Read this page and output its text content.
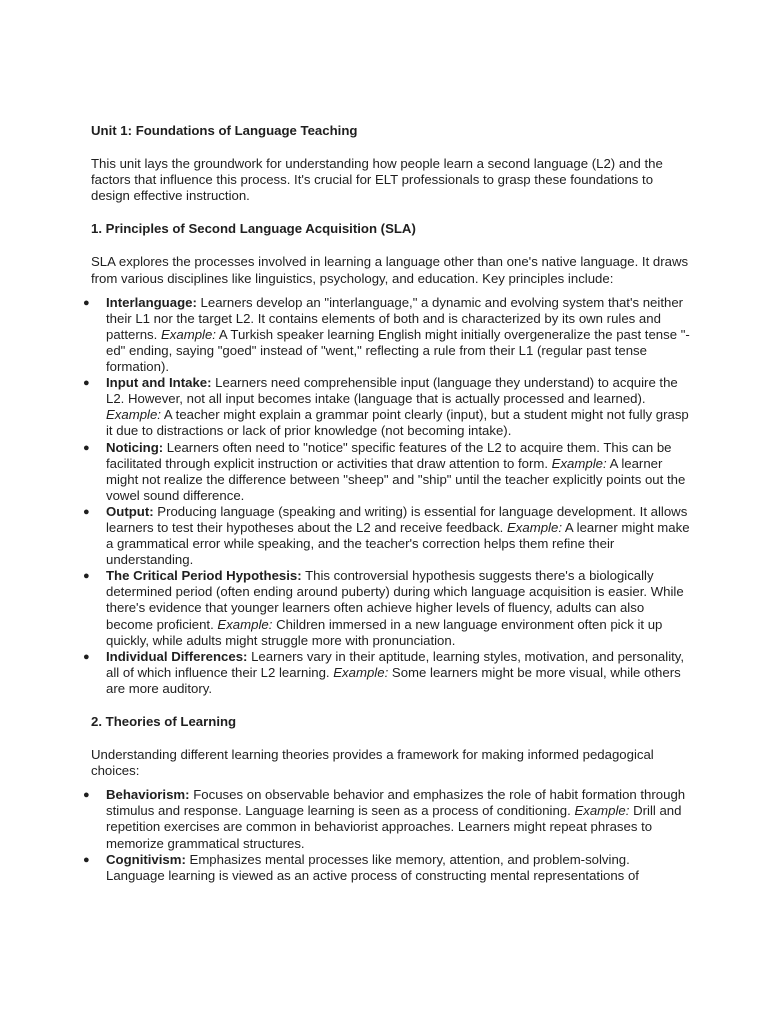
Unit 1: Foundations of Language Teaching

This unit lays the groundwork for understanding how people learn a second language (L2) and the factors that influence this process. It's crucial for ELT professionals to grasp these foundations to design effective instruction.

1. Principles of Second Language Acquisition (SLA)

SLA explores the processes involved in learning a language other than one's native language. It draws from various disciplines like linguistics, psychology, and education. Key principles include:

●	Interlanguage: Learners develop an "interlanguage," a dynamic and evolving system that's neither their L1 nor the target L2. It contains elements of both and is characterized by its own rules and patterns. Example: A Turkish speaker learning English might initially overgeneralize the past tense "-ed" ending, saying "goed" instead of "went," reflecting a rule from their L1 (regular past tense formation).
●	Input and Intake: Learners need comprehensible input (language they understand) to acquire the L2. However, not all input becomes intake (language that is actually processed and learned). Example: A teacher might explain a grammar point clearly (input), but a student might not fully grasp it due to distractions or lack of prior knowledge (not becoming intake).
●	Noticing: Learners often need to "notice" specific features of the L2 to acquire them. This can be facilitated through explicit instruction or activities that draw attention to form. Example: A learner might not realize the difference between "sheep" and "ship" until the teacher explicitly points out the vowel sound difference.
●	Output: Producing language (speaking and writing) is essential for language development. It allows learners to test their hypotheses about the L2 and receive feedback. Example: A learner might make a grammatical error while speaking, and the teacher's correction helps them refine their understanding.
●	The Critical Period Hypothesis: This controversial hypothesis suggests there's a biologically determined period (often ending around puberty) during which language acquisition is easier. While there's evidence that younger learners often achieve higher levels of fluency, adults can also become proficient. Example: Children immersed in a new language environment often pick it up quickly, while adults might struggle more with pronunciation.
●	Individual Differences: Learners vary in their aptitude, learning styles, motivation, and personality, all of which influence their L2 learning. Example: Some learners might be more visual, while others are more auditory.
2. Theories of Learning

Understanding different learning theories provides a framework for making informed pedagogical choices:

●	Behaviorism: Focuses on observable behavior and emphasizes the role of habit formation through stimulus and response. Language learning is seen as a process of conditioning. Example: Drill and repetition exercises are common in behaviorist approaches. Learners might repeat phrases to memorize grammatical structures.
●	Cognitivism: Emphasizes mental processes like memory, attention, and problem-solving. Language learning is viewed as an active process of constructing mental representations of
